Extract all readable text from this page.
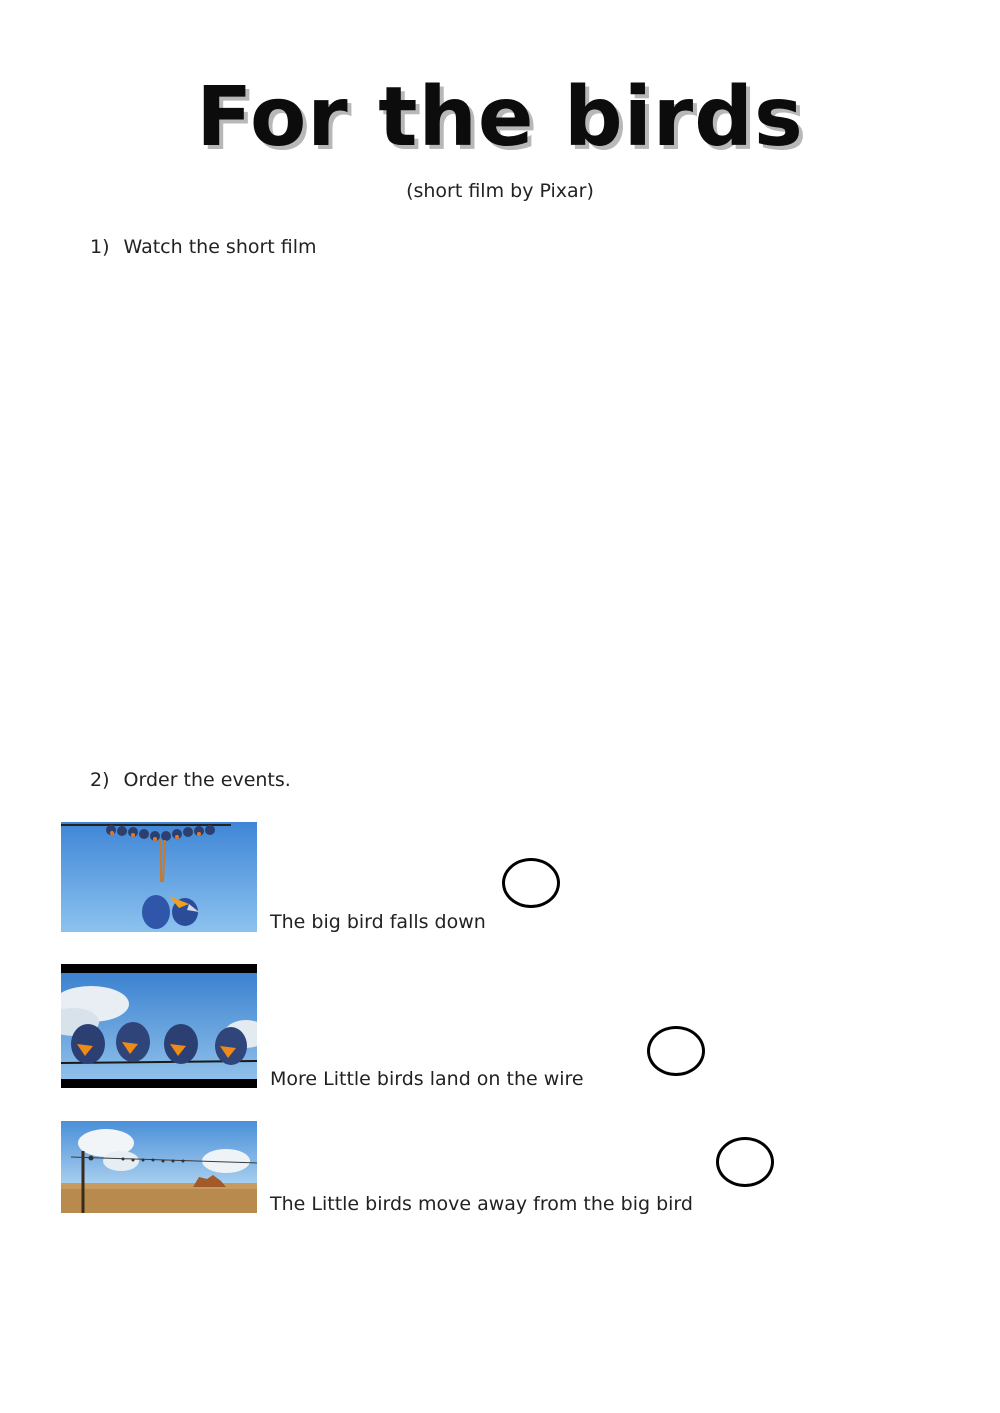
For the birds
(short film by Pixar)
1) Watch the short film
2) Order the events.
The big bird falls down
More Little birds land on the wire
The Little birds move away from the big bird
